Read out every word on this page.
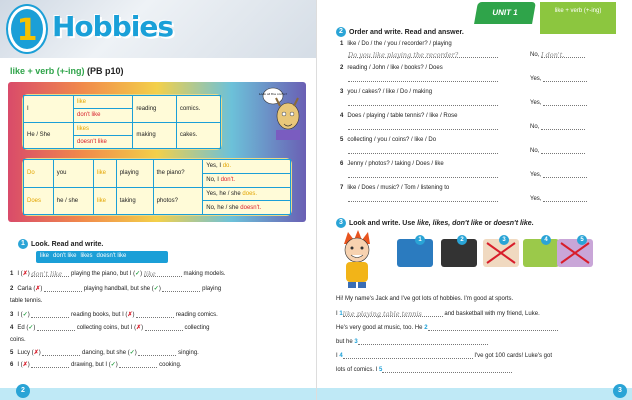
1 Hobbies
like + verb (+-ing) (PB p10)
I	like	reading	comics.
	don't like		
He / She	likes	making	cakes.
	doesn't like		
Do	you	like	playing	the piano?	Yes, I do.
					No, I don't.
Does	he / she	like	taking	photos?	Yes, he / she does.
					No, he / she doesn't.
Look at the comic!
1 Look. Read and write.
like don't like likes doesn't like
1 I (✗) don't like playing the piano, but I (✓) like	making models.
2 Carla (✗)	playing handball, but she (✓)	playing
table tennis.
3 I (✓)	reading books, but I (✗)	reading comics.
4 Ed (✓)	collecting coins, but I (✗)	collecting
coins.
5 Lucy (✗)	dancing, but she (✓)	singing.
6 I (✗)	drawing, but I (✓)	cooking.
2	3
UNIT 1	like + verb (+-ing)
2 Order and write. Read and answer.
1 like / Do / the / you / recorder? / playing
Do you like playing the recorder?	No, I don't.
2 reading / John / like / books? / Does
Yes,
3 you / cakes? / like / Do / making
Yes,
4 Does / playing / table tennis? / like / Rose
No,
5 collecting / you / coins? / like / Do
No,
6 Jenny / photos? / taking / Does / like
Yes,
7 like / Does / music? / Tom / listening to
Yes,
3 Look and write. Use like, likes, don't like or doesn't like.
1	2	3	4	5
Hi! My name's Jack and I've got lots of hobbies. I'm good at sports.
I 1like playing table tennis	and basketball with my friend, Luke.
He's very good at music, too. He 2
but he 3
I 4	I've got 100 cards! Luke's got
lots of comics. I 5
